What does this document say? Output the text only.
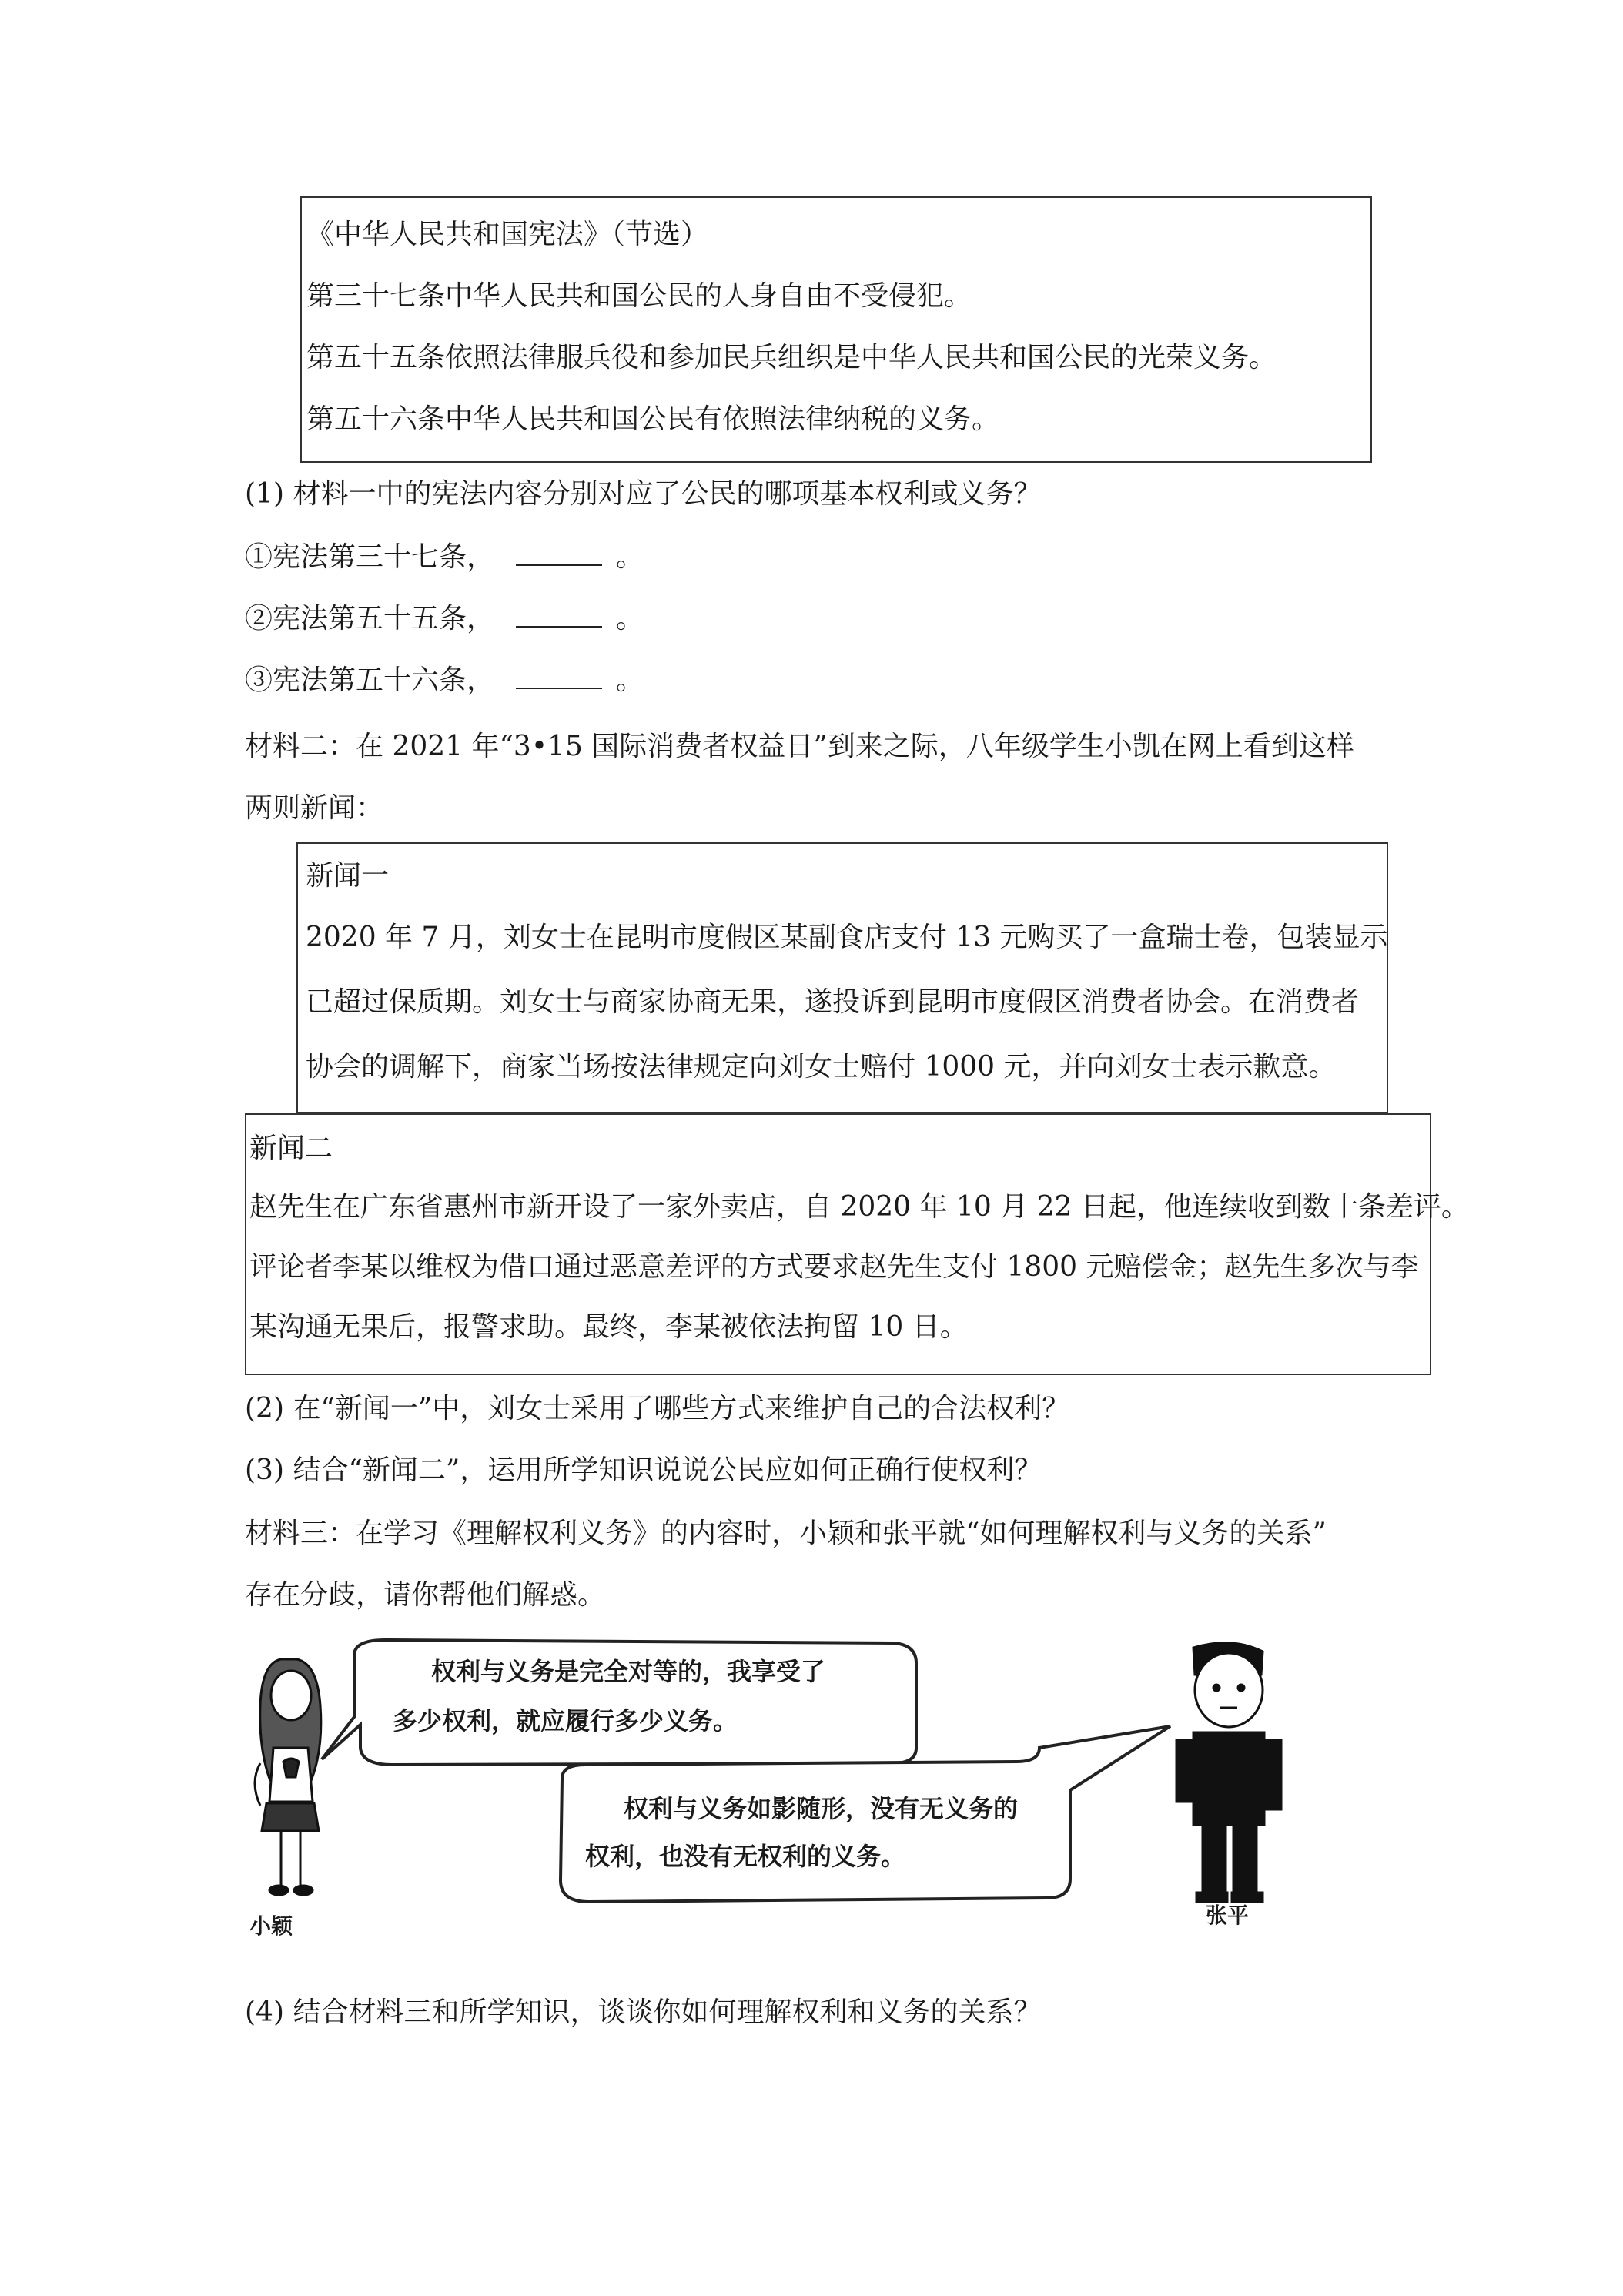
《中华人民共和国宪法》（节选）
第三十七条中华人民共和国公民的人身自由不受侵犯。
第五十五条依照法律服兵役和参加民兵组织是中华人民共和国公民的光荣义务。
第五十六条中华人民共和国公民有依照法律纳税的义务。
(1) 材料一中的宪法内容分别对应了公民的哪项基本权利或义务？
①宪法第三十七条，	。
②宪法第五十五条，	。
③宪法第五十六条，	。
材料二：在 2021 年“3•15 国际消费者权益日”到来之际，八年级学生小凯在网上看到这样
两则新闻：
新闻一
2020 年 7 月，刘女士在昆明市度假区某副食店支付 13 元购买了一盒瑞士卷，包装显示
已超过保质期。刘女士与商家协商无果，遂投诉到昆明市度假区消费者协会。在消费者
协会的调解下，商家当场按法律规定向刘女士赔付 1000 元，并向刘女士表示歉意。
新闻二
赵先生在广东省惠州市新开设了一家外卖店，自 2020 年 10 月 22 日起，他连续收到数十条差评。
评论者李某以维权为借口通过恶意差评的方式要求赵先生支付 1800 元赔偿金；赵先生多次与李
某沟通无果后，报警求助。最终，李某被依法拘留 10 日。
(2) 在“新闻一”中，刘女士采用了哪些方式来维护自己的合法权利？
(3) 结合“新闻二”，运用所学知识说说公民应如何正确行使权利？
材料三：在学习《理解权利义务》的内容时，小颖和张平就“如何理解权利与义务的关系”
存在分歧，请你帮他们解惑。
权利与义务是完全对等的，我享受了
多少权利，就应履行多少义务。
权利与义务如影随形，没有无义务的
权利，也没有无权利的义务。
小颖	张平
(4) 结合材料三和所学知识，谈谈你如何理解权利和义务的关系？
